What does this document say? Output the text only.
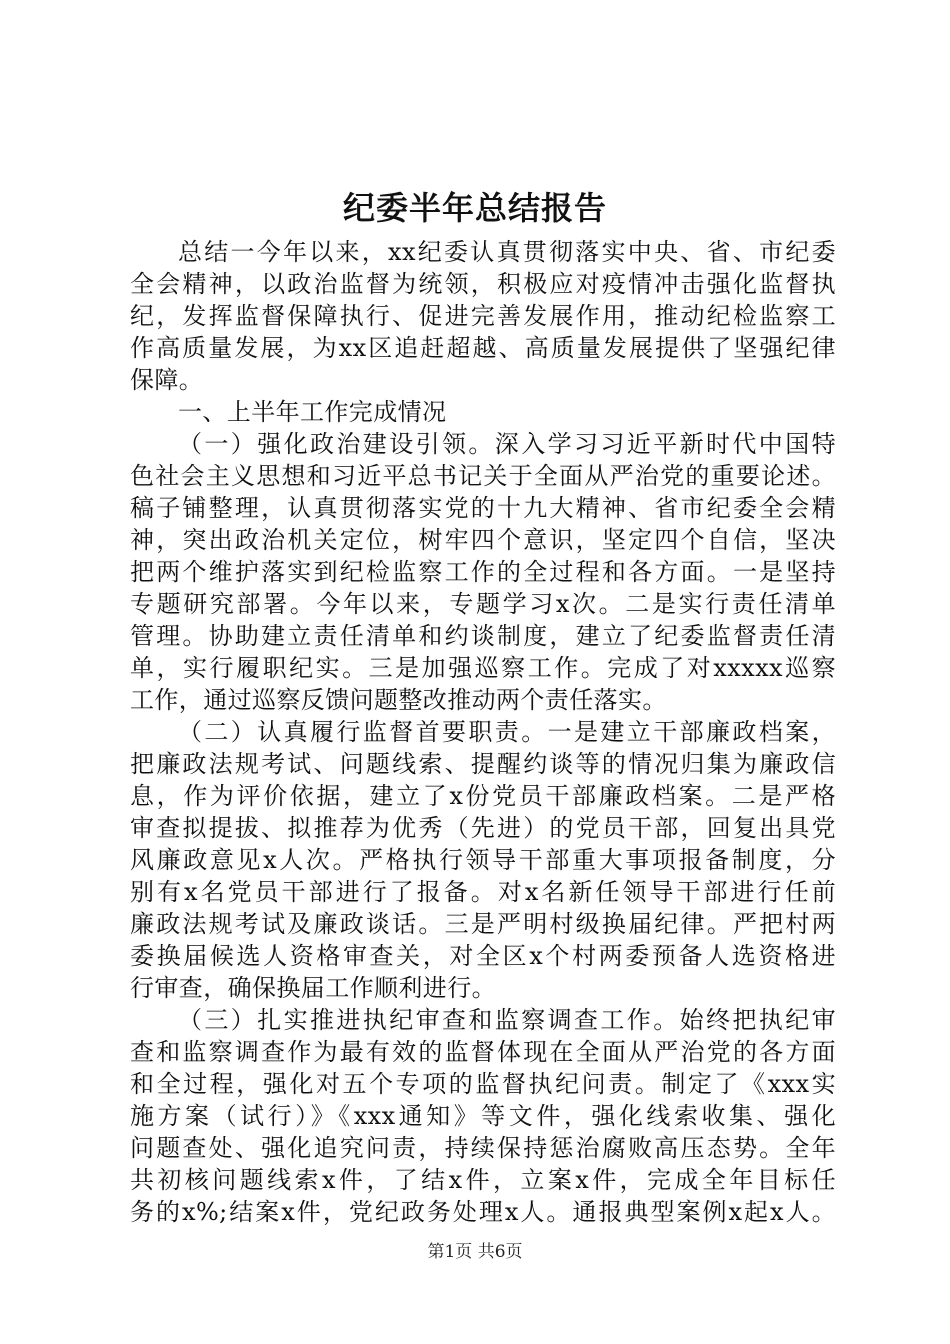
纪委半年总结报告
总结一今年以来，xx纪委认真贯彻落实中央、省、市纪委
全会精神，以政治监督为统领，积极应对疫情冲击强化监督执
纪，发挥监督保障执行、促进完善发展作用，推动纪检监察工
作高质量发展，为xx区追赶超越、高质量发展提供了坚强纪律
保障。
一、上半年工作完成情况
（一）强化政治建设引领。深入学习习近平新时代中国特
色社会主义思想和习近平总书记关于全面从严治党的重要论述。
稿子铺整理，认真贯彻落实党的十九大精神、省市纪委全会精
神，突出政治机关定位，树牢四个意识，坚定四个自信，坚决
把两个维护落实到纪检监察工作的全过程和各方面。一是坚持
专题研究部署。今年以来，专题学习x次。二是实行责任清单
管理。协助建立责任清单和约谈制度，建立了纪委监督责任清
单，实行履职纪实。三是加强巡察工作。完成了对xxxxx巡察
工作，通过巡察反馈问题整改推动两个责任落实。
（二）认真履行监督首要职责。一是建立干部廉政档案，
把廉政法规考试、问题线索、提醒约谈等的情况归集为廉政信
息，作为评价依据，建立了x份党员干部廉政档案。二是严格
审查拟提拔、拟推荐为优秀（先进）的党员干部，回复出具党
风廉政意见x人次。严格执行领导干部重大事项报备制度，分
别有x名党员干部进行了报备。对x名新任领导干部进行任前
廉政法规考试及廉政谈话。三是严明村级换届纪律。严把村两
委换届候选人资格审查关，对全区x个村两委预备人选资格进
行审查，确保换届工作顺利进行。
（三）扎实推进执纪审查和监察调查工作。始终把执纪审
查和监察调查作为最有效的监督体现在全面从严治党的各方面
和全过程，强化对五个专项的监督执纪问责。制定了《xxx实
施方案（试行）》《xxx通知》等文件，强化线索收集、强化
问题查处、强化追究问责，持续保持惩治腐败高压态势。全年
共初核问题线索x件，了结x件，立案x件，完成全年目标任
务的x%;结案x件，党纪政务处理x人。通报典型案例x起x人。
第1页 共6页
